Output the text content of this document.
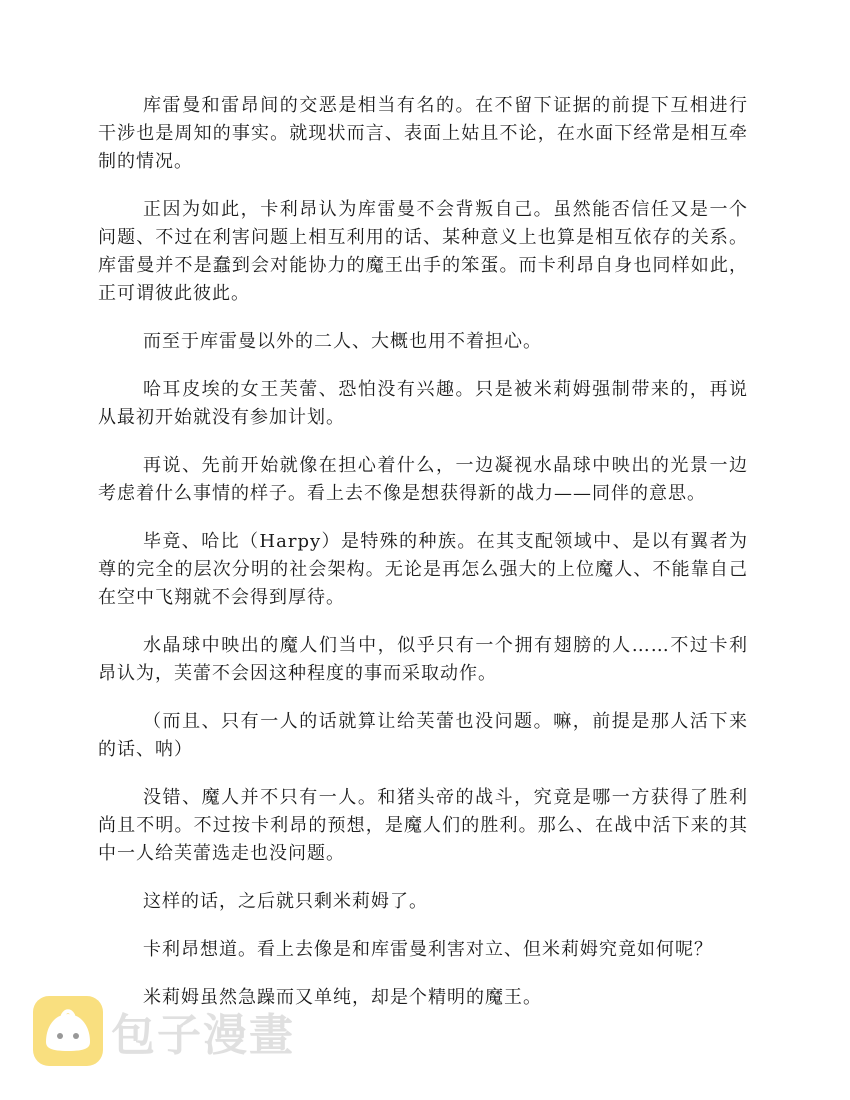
库雷曼和雷昂间的交恶是相当有名的。在不留下证据的前提下互相进行干涉也是周知的事实。就现状而言、表面上姑且不论，在水面下经常是相互牵制的情况。

正因为如此，卡利昂认为库雷曼不会背叛自己。虽然能否信任又是一个问题、不过在利害问题上相互利用的话、某种意义上也算是相互依存的关系。库雷曼并不是蠢到会对能协力的魔王出手的笨蛋。而卡利昂自身也同样如此，正可谓彼此彼此。

而至于库雷曼以外的二人、大概也用不着担心。

哈耳皮埃的女王芙蕾、恐怕没有兴趣。只是被米莉姆强制带来的，再说从最初开始就没有参加计划。

再说、先前开始就像在担心着什么，一边凝视水晶球中映出的光景一边考虑着什么事情的样子。看上去不像是想获得新的战力——同伴的意思。

毕竟、哈比（Harpy）是特殊的种族。在其支配领域中、是以有翼者为尊的完全的层次分明的社会架构。无论是再怎么强大的上位魔人、不能靠自己在空中飞翔就不会得到厚待。

水晶球中映出的魔人们当中，似乎只有一个拥有翅膀的人……不过卡利昂认为，芙蕾不会因这种程度的事而采取动作。

（而且、只有一人的话就算让给芙蕾也没问题。嘛，前提是那人活下来的话、呐）

没错、魔人并不只有一人。和猪头帝的战斗，究竟是哪一方获得了胜利尚且不明。不过按卡利昂的预想，是魔人们的胜利。那么、在战中活下来的其中一人给芙蕾选走也没问题。

这样的话，之后就只剩米莉姆了。

卡利昂想道。看上去像是和库雷曼利害对立、但米莉姆究竟如何呢？

米莉姆虽然急躁而又单纯，却是个精明的魔王。

包子漫畫
